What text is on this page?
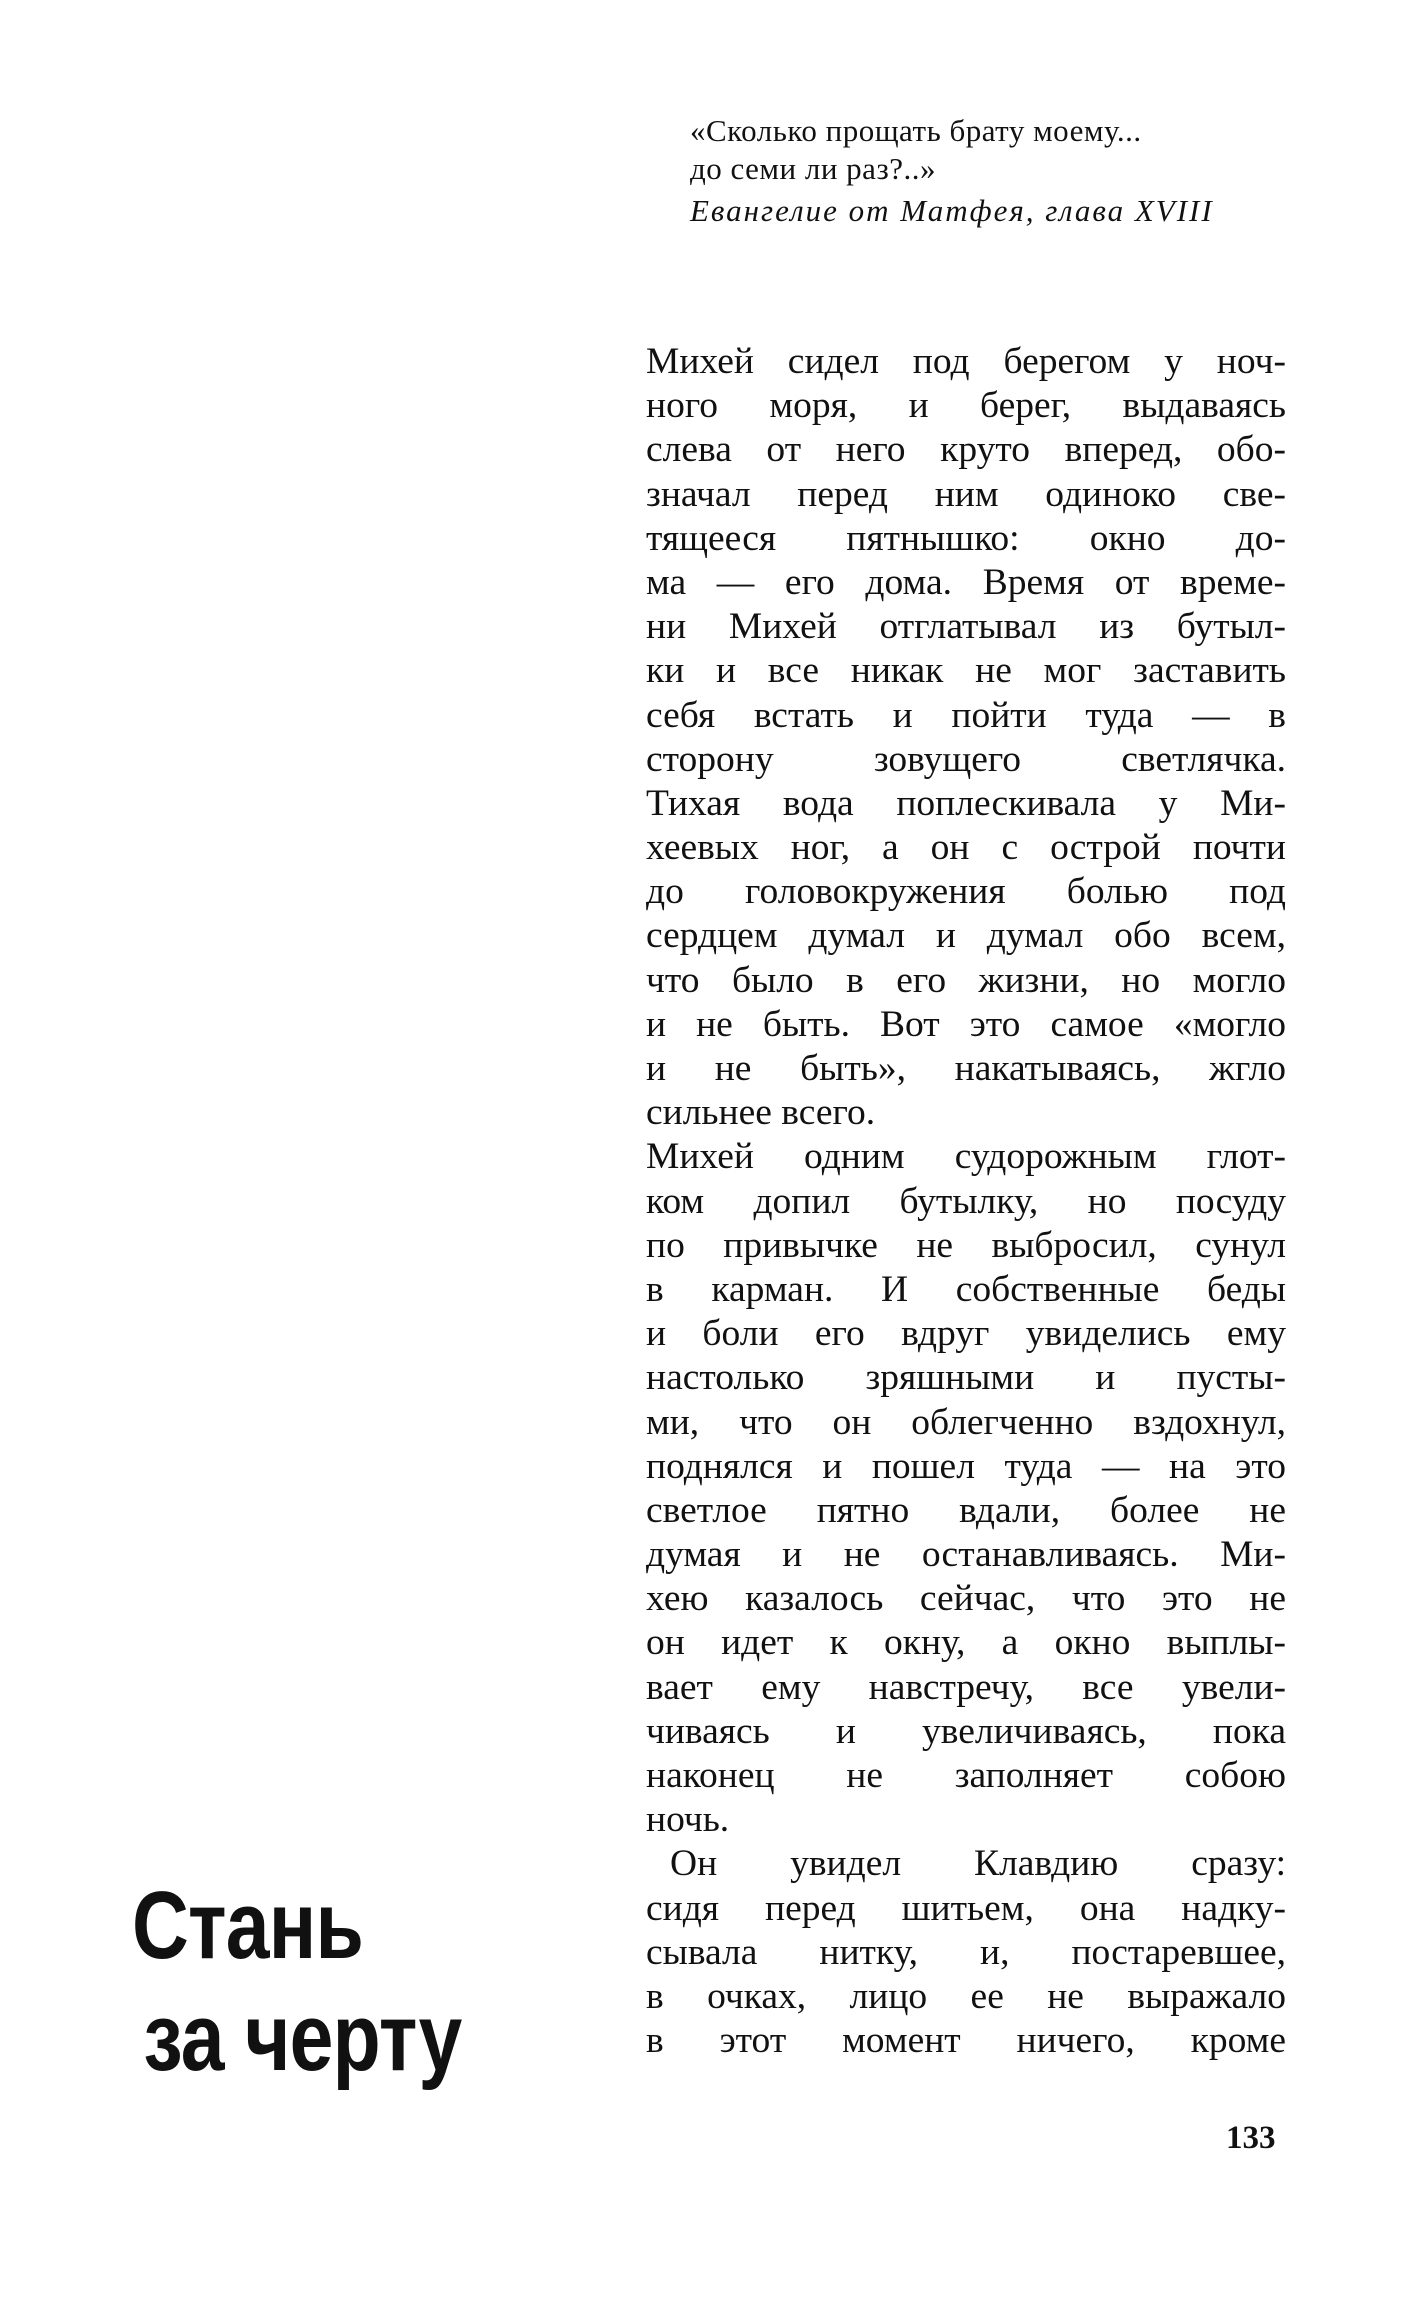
«Сколько прощать брату моему...
до семи ли раз?..»
Евангелие от Матфея, глава XVIII
Михей сидел под берегом у ноч-
ного моря, и берег, выдаваясь
слева от него круто вперед, обо-
значал перед ним одиноко све-
тящееся пятнышко: окно до-
ма — его дома. Время от време-
ни Михей отглатывал из бутыл-
ки и все никак не мог заставить
себя встать и пойти туда — в
сторону зовущего светлячка.
Тихая вода поплескивала у Ми-
хеевых ног, а он с острой почти
до головокружения болью под
сердцем думал и думал обо всем,
что было в его жизни, но могло
и не быть. Вот это самое «могло
и не быть», накатываясь, жгло
сильнее всего.
Михей одним судорожным глот-
ком допил бутылку, но посуду
по привычке не выбросил, сунул
в карман. И собственные беды
и боли его вдруг увиделись ему
настолько зряшными и пусты-
ми, что он облегченно вздохнул,
поднялся и пошел туда — на это
светлое пятно вдали, более не
думая и не останавливаясь. Ми-
хею казалось сейчас, что это не
он идет к окну, а окно выплы-
вает ему навстречу, все увели-
чиваясь и увеличиваясь, пока
наконец не заполняет собою
ночь.
Он увидел Клавдию сразу:
сидя перед шитьем, она надку-
сывала нитку, и, постаревшее,
в очках, лицо ее не выражало
в этот момент ничего, кроме
Стань
за черту
133
